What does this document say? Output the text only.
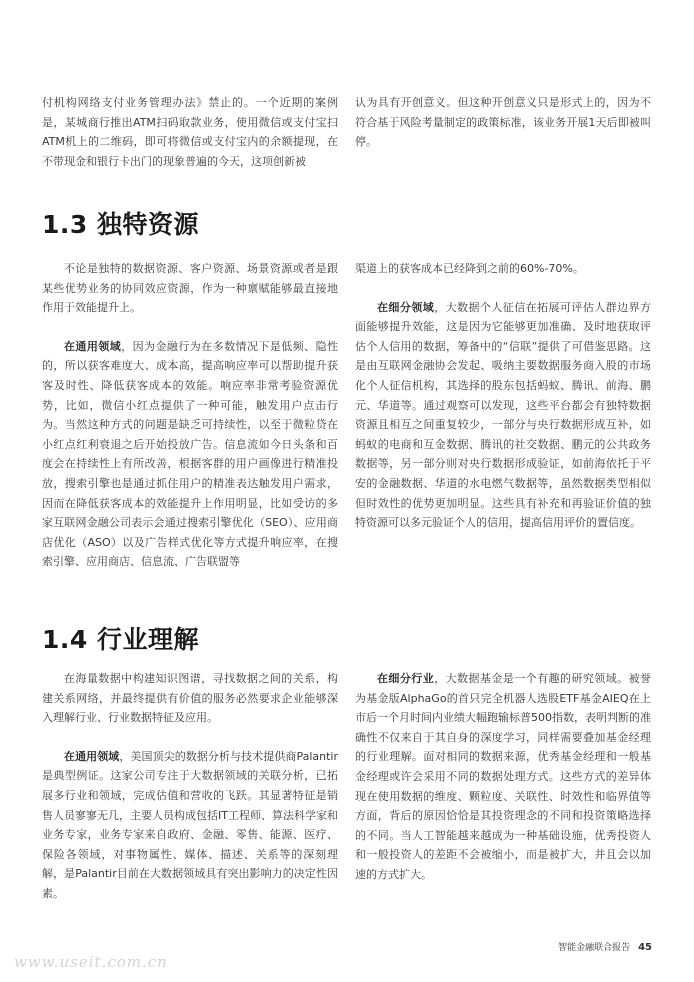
付机构网络支付业务管理办法》禁止的。一个近期的案例是，某城商行推出ATM扫码取款业务，使用微信或支付宝扫ATM机上的二维码，即可将微信或支付宝内的余额提现，在不带现金和银行卡出门的现象普遍的今天，这项创新被

认为具有开创意义。但这种开创意义只是形式上的，因为不符合基于风险考量制定的政策标准，该业务开展1天后即被叫停。

1.3 独特资源

不论是独特的数据资源、客户资源、场景资源或者是跟某些优势业务的协同效应资源，作为一种禀赋能够最直接地作用于效能提升上。

在通用领域，因为金融行为在多数情况下是低频、隐性的，所以获客难度大、成本高，提高响应率可以帮助提升获客及时性、降低获客成本的效能。响应率非常考验资源优势，比如，微信小红点提供了一种可能，触发用户点击行为。当然这种方式的问题是缺乏可持续性，以至于微粒贷在小红点红利衰退之后开始投放广告。信息流如今日头条和百度会在持续性上有所改善，根据客群的用户画像进行精准投放，搜索引擎也是通过抓住用户的精准表达触发用户需求，因而在降低获客成本的效能提升上作用明显，比如受访的多家互联网金融公司表示会通过搜索引擎优化（SEO）、应用商店优化（ASO）以及广告样式优化等方式提升响应率，在搜索引擎、应用商店、信息流、广告联盟等

渠道上的获客成本已经降到之前的60%-70%。

在细分领域，大数据个人征信在拓展可评估人群边界方面能够提升效能，这是因为它能够更加准确、及时地获取评估个人信用的数据，筹备中的“信联”提供了可借鉴思路。这是由互联网金融协会发起、吸纳主要数据服务商入股的市场化个人征信机构，其选择的股东包括蚂蚁、腾讯、前海、鹏元、华道等。通过观察可以发现，这些平台都会有独特数据资源且相互之间重复较少，一部分与央行数据形成互补，如蚂蚁的电商和互金数据、腾讯的社交数据、鹏元的公共政务数据等，另一部分则对央行数据形成验证，如前海依托于平安的金融数据、华道的水电燃气数据等，虽然数据类型相似但时效性的优势更加明显。这些具有补充和再验证价值的独特资源可以多元验证个人的信用，提高信用评价的置信度。

1.4 行业理解

在海量数据中构建知识图谱，寻找数据之间的关系，构建关系网络，并最终提供有价值的服务必然要求企业能够深入理解行业、行业数据特征及应用。

在通用领域，美国顶尖的数据分析与技术提供商Palantir是典型例证。这家公司专注于大数据领域的关联分析，已拓展多行业和领域，完成估值和营收的飞跃。其显著特征是销售人员寥寥无几，主要人员构成包括IT工程师、算法科学家和业务专家，业务专家来自政府、金融、零售、能源、医疗、保险各领域，对事物属性、媒体、描述、关系等的深刻理解，是Palantir目前在大数据领域具有突出影响力的决定性因素。

在细分行业，大数据基金是一个有趣的研究领域。被誉为基金版AlphaGo的首只完全机器人选股ETF基金AIEQ在上市后一个月时间内业绩大幅跑输标普500指数，表明判断的准确性不仅来自于其自身的深度学习，同样需要叠加基金经理的行业理解。面对相同的数据来源，优秀基金经理和一般基金经理或许会采用不同的数据处理方式。这些方式的差异体现在使用数据的维度、颗粒度、关联性、时效性和临界值等方面，背后的原因恰恰是其投资理念的不同和投资策略选择的不同。当人工智能越来越成为一种基础设施，优秀投资人和一般投资人的差距不会被缩小，而是被扩大，并且会以加速的方式扩大。

智能金融联合报告 45
www.useit.com.cn
